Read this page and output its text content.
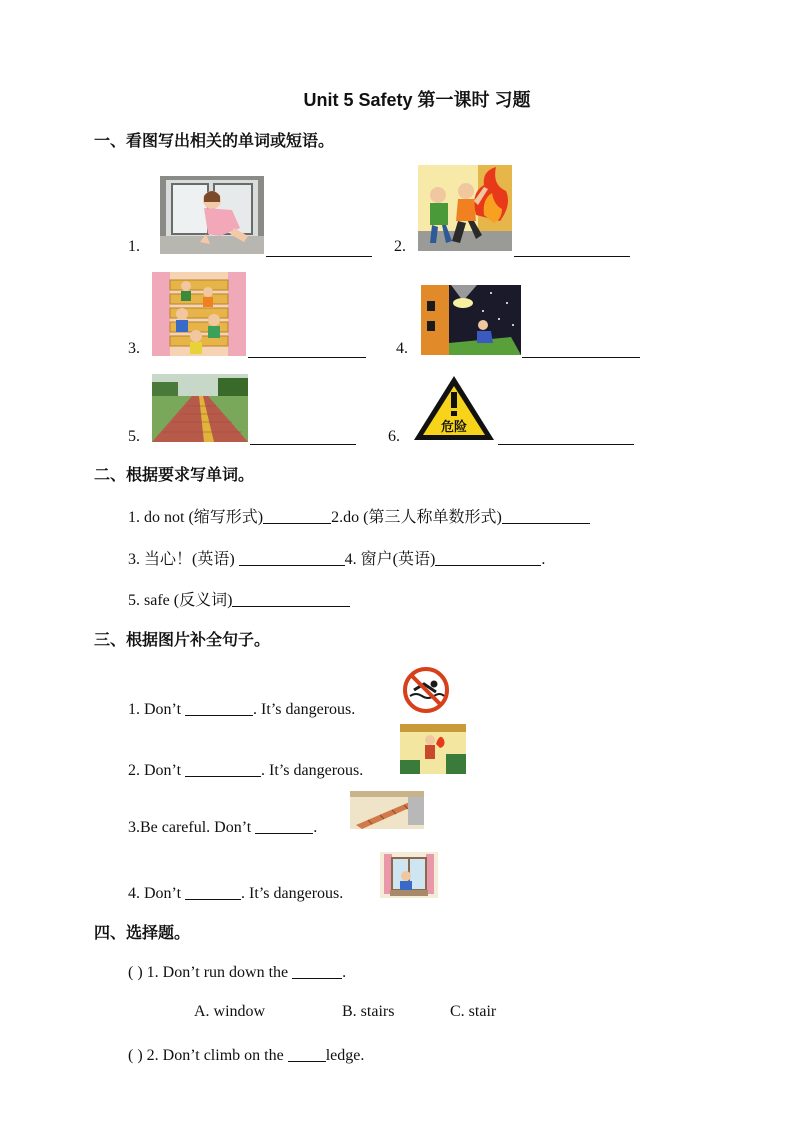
Unit 5 Safety 第一课时 习题
一、看图写出相关的单词或短语。
1.	2.
3.	4.
5.	6.
危险
二、根据要求写单词。
1. do not (缩写形式)	2.do (第三人称单数形式)
3. 当心！(英语)	4. 窗户(英语)	.
5. safe (反义词)
三、根据图片补全句子。
1. Don’t	. It’s dangerous.
2. Don’t	. It’s dangerous.
3.Be careful. Don’t	.
4. Don’t	. It’s dangerous.
四、选择题。
( ) 1. Don’t run down the	.
A. window	B. stairs	C. stair
( ) 2. Don’t climb on the ledge.
